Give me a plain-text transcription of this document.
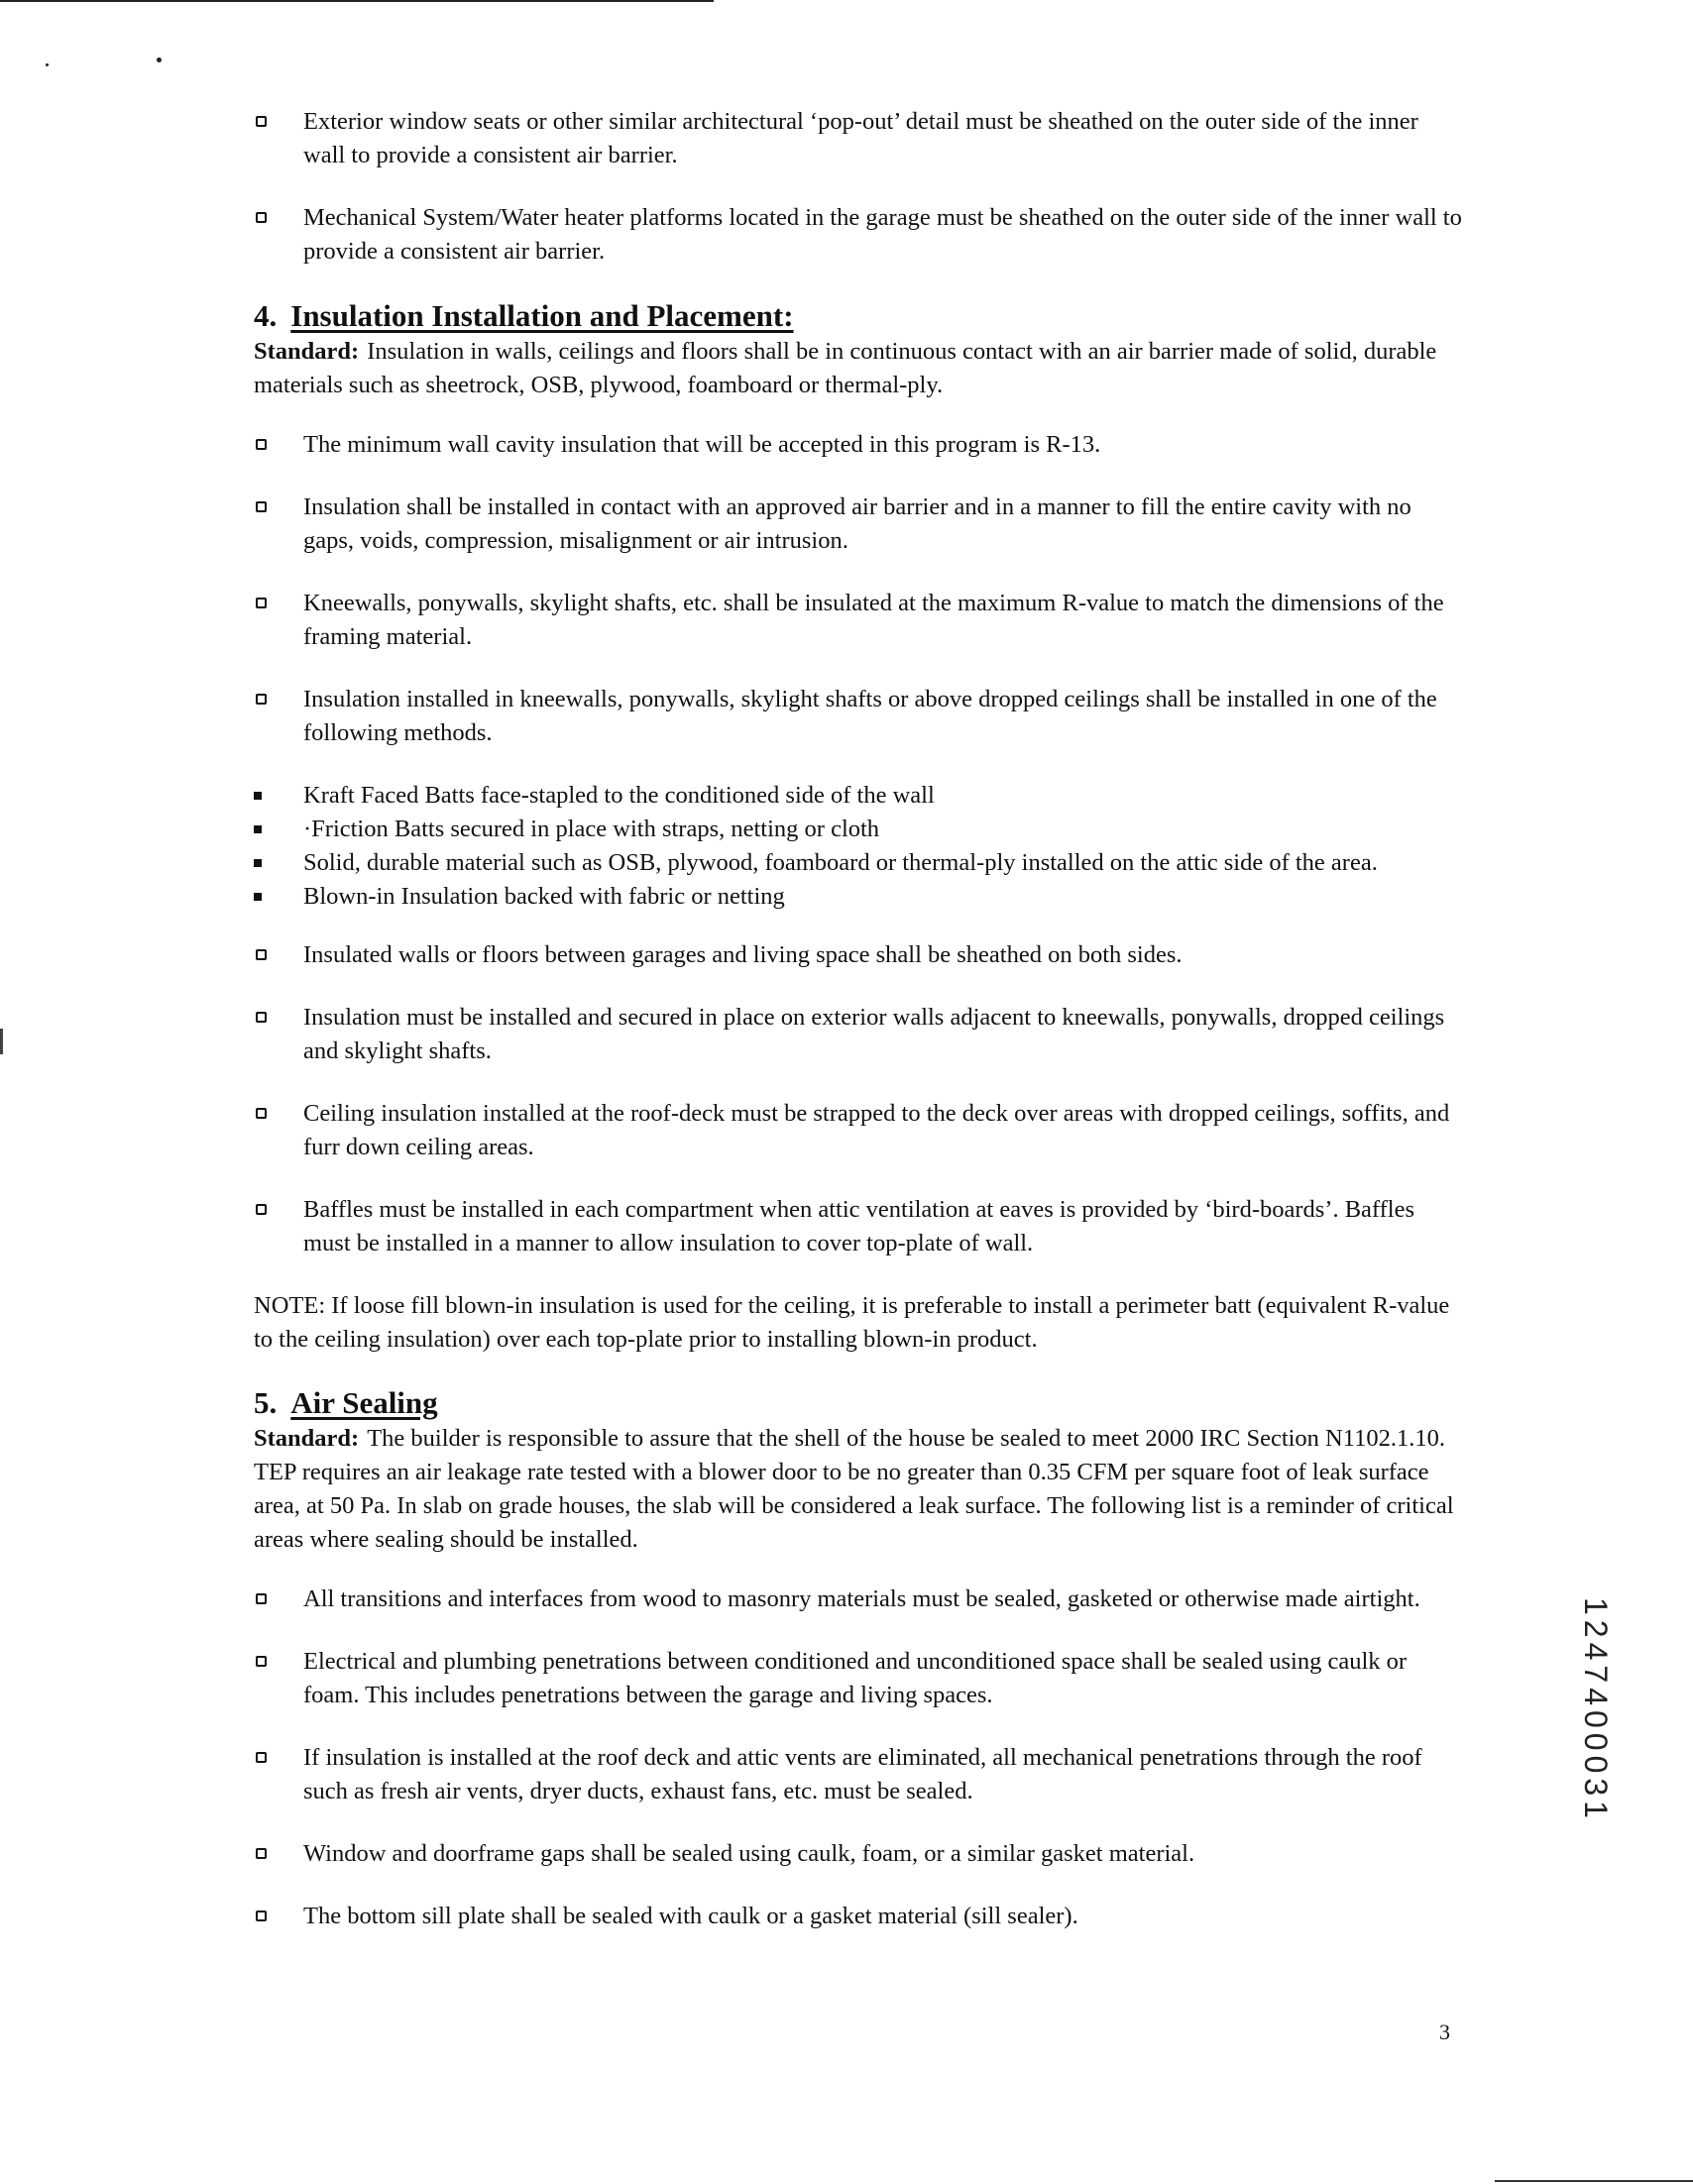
Exterior window seats or other similar architectural ‘pop-out’ detail must be sheathed on the outer side of the inner wall to provide a consistent air barrier.
Mechanical System/Water heater platforms located in the garage must be sheathed on the outer side of the inner wall to provide a consistent air barrier.
4. Insulation Installation and Placement:
Standard: Insulation in walls, ceilings and floors shall be in continuous contact with an air barrier made of solid, durable materials such as sheetrock, OSB, plywood, foamboard or thermal-ply.
The minimum wall cavity insulation that will be accepted in this program is R-13.
Insulation shall be installed in contact with an approved air barrier and in a manner to fill the entire cavity with no gaps, voids, compression, misalignment or air intrusion.
Kneewalls, ponywalls, skylight shafts, etc. shall be insulated at the maximum R-value to match the dimensions of the framing material.
Insulation installed in kneewalls, ponywalls, skylight shafts or above dropped ceilings shall be installed in one of the following methods.
Kraft Faced Batts face-stapled to the conditioned side of the wall
·Friction Batts secured in place with straps, netting or cloth
Solid, durable material such as OSB, plywood, foamboard or thermal-ply installed on the attic side of the area.
Blown-in Insulation backed with fabric or netting
Insulated walls or floors between garages and living space shall be sheathed on both sides.
Insulation must be installed and secured in place on exterior walls adjacent to kneewalls, ponywalls, dropped ceilings and skylight shafts.
Ceiling insulation installed at the roof-deck must be strapped to the deck over areas with dropped ceilings, soffits, and furr down ceiling areas.
Baffles must be installed in each compartment when attic ventilation at eaves is provided by ‘bird-boards’. Baffles must be installed in a manner to allow insulation to cover top-plate of wall.
NOTE: If loose fill blown-in insulation is used for the ceiling, it is preferable to install a perimeter batt (equivalent R-value to the ceiling insulation) over each top-plate prior to installing blown-in product.
5. Air Sealing
Standard: The builder is responsible to assure that the shell of the house be sealed to meet 2000 IRC Section N1102.1.10. TEP requires an air leakage rate tested with a blower door to be no greater than 0.35 CFM per square foot of leak surface area, at 50 Pa. In slab on grade houses, the slab will be considered a leak surface. The following list is a reminder of critical areas where sealing should be installed.
All transitions and interfaces from wood to masonry materials must be sealed, gasketed or otherwise made airtight.
Electrical and plumbing penetrations between conditioned and unconditioned space shall be sealed using caulk or foam. This includes penetrations between the garage and living spaces.
If insulation is installed at the roof deck and attic vents are eliminated, all mechanical penetrations through the roof such as fresh air vents, dryer ducts, exhaust fans, etc. must be sealed.
Window and doorframe gaps shall be sealed using caulk, foam, or a similar gasket material.
The bottom sill plate shall be sealed with caulk or a gasket material (sill sealer).
1247400031
3
